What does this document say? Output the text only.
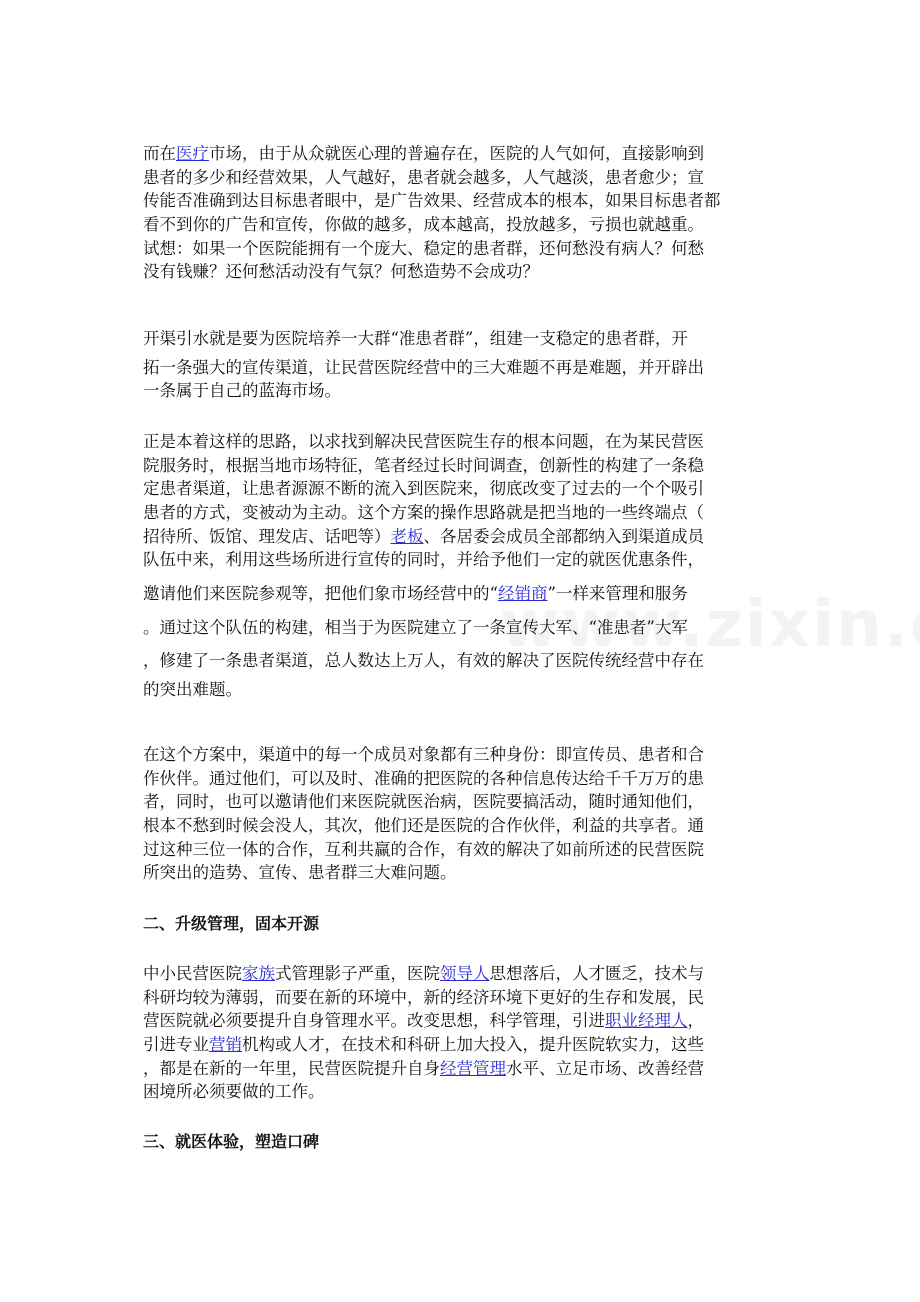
而在医疗市场，由于从众就医心理的普遍存在，医院的人气如何，直接影响到
患者的多少和经营效果，人气越好，患者就会越多，人气越淡，患者愈少；宣
传能否准确到达目标患者眼中，是广告效果、经营成本的根本，如果目标患者都
看不到你的广告和宣传，你做的越多，成本越高，投放越多，亏损也就越重。
试想：如果一个医院能拥有一个庞大、稳定的患者群，还何愁没有病人？何愁
没有钱赚？还何愁活动没有气氛？何愁造势不会成功？
开渠引水就是要为医院培养一大群“准患者群”，组建一支稳定的患者群，开
拓一条强大的宣传渠道，让民营医院经营中的三大难题不再是难题，并开辟出
一条属于自己的蓝海市场。
正是本着这样的思路，以求找到解决民营医院生存的根本问题，在为某民营医
院服务时，根据当地市场特征，笔者经过长时间调查，创新性的构建了一条稳
定患者渠道，让患者源源不断的流入到医院来，彻底改变了过去的一个个吸引
患者的方式，变被动为主动。这个方案的操作思路就是把当地的一些终端点（
招待所、饭馆、理发店、话吧等）老板、各居委会成员全部都纳入到渠道成员
队伍中来，利用这些场所进行宣传的同时，并给予他们一定的就医优惠条件，
邀请他们来医院参观等，把他们象市场经营中的“经销商”一样来管理和服务
。通过这个队伍的构建，相当于为医院建立了一条宣传大军、“准患者”大军
，修建了一条患者渠道，总人数达上万人，有效的解决了医院传统经营中存在
的突出难题。
在这个方案中，渠道中的每一个成员对象都有三种身份：即宣传员、患者和合
作伙伴。通过他们，可以及时、准确的把医院的各种信息传达给千千万万的患
者，同时，也可以邀请他们来医院就医治病，医院要搞活动，随时通知他们，
根本不愁到时候会没人，其次，他们还是医院的合作伙伴，利益的共享者。通
过这种三位一体的合作，互利共赢的合作，有效的解决了如前所述的民营医院
所突出的造势、宣传、患者群三大难问题。
二、升级管理，固本开源
中小民营医院家族式管理影子严重，医院领导人思想落后，人才匮乏，技术与
科研均较为薄弱，而要在新的环境中，新的经济环境下更好的生存和发展，民
营医院就必须要提升自身管理水平。改变思想，科学管理，引进职业经理人，
引进专业营销机构或人才，在技术和科研上加大投入，提升医院软实力，这些
，都是在新的一年里，民营医院提升自身经营管理水平、立足市场、改善经营
困境所必须要做的工作。
三、就医体验，塑造口碑
